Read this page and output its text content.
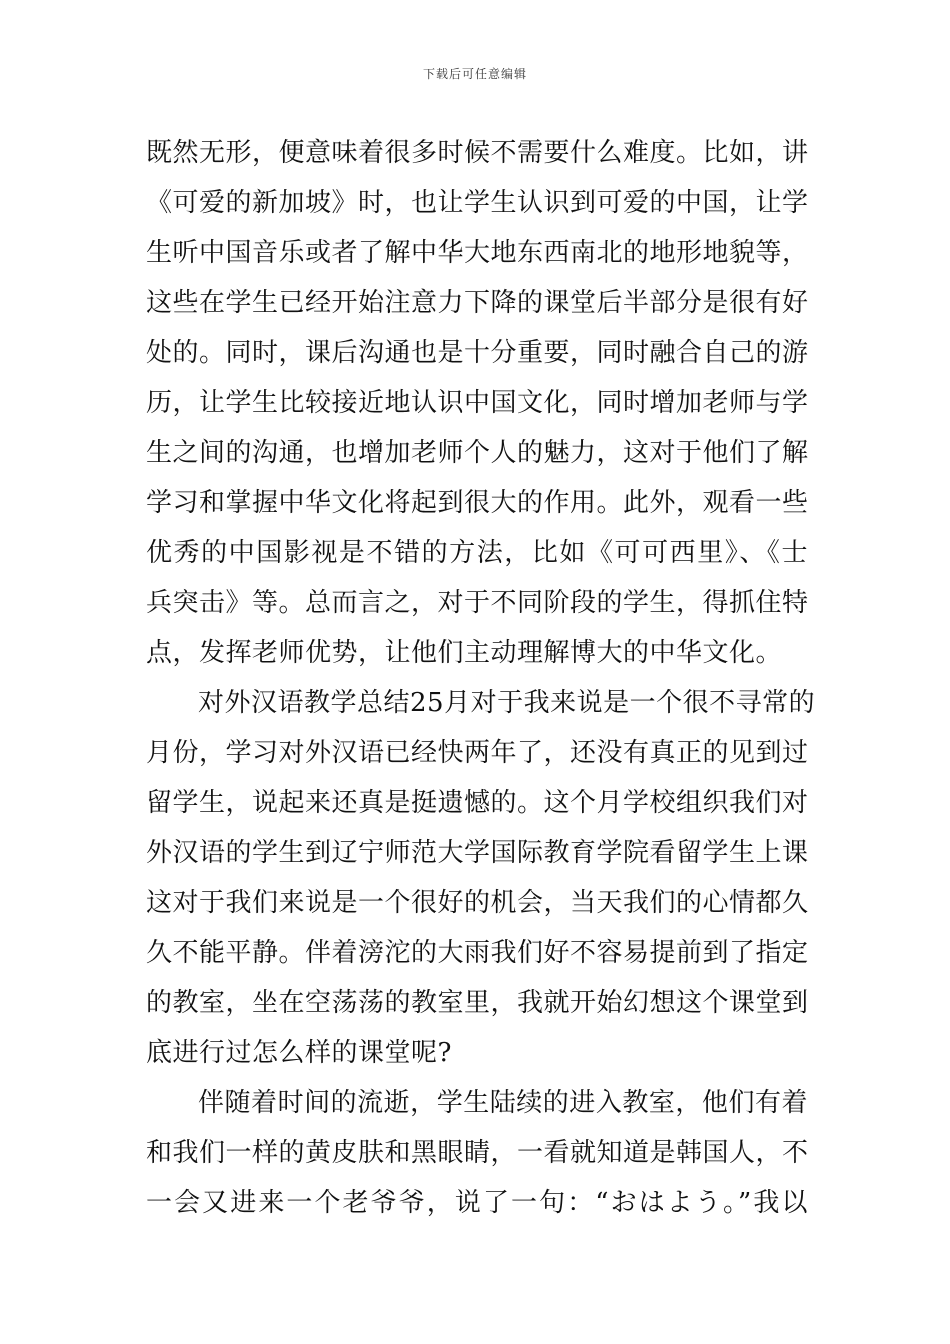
下载后可任意编辑
既然无形，便意味着很多时候不需要什么难度。比如，讲
《可爱的新加坡》时，也让学生认识到可爱的中国，让学
生听中国音乐或者了解中华大地东西南北的地形地貌等，
这些在学生已经开始注意力下降的课堂后半部分是很有好
处的。同时，课后沟通也是十分重要，同时融合自己的游
历，让学生比较接近地认识中国文化，同时增加老师与学
生之间的沟通，也增加老师个人的魅力，这对于他们了解
学习和掌握中华文化将起到很大的作用。此外，观看一些
优秀的中国影视是不错的方法，比如《可可西里》、《士
兵突击》等。总而言之，对于不同阶段的学生，得抓住特
点，发挥老师优势，让他们主动理解博大的中华文化。
对外汉语教学总结25月对于我来说是一个很不寻常的
月份，学习对外汉语已经快两年了，还没有真正的见到过
留学生，说起来还真是挺遗憾的。这个月学校组织我们对
外汉语的学生到辽宁师范大学国际教育学院看留学生上课
这对于我们来说是一个很好的机会，当天我们的心情都久
久不能平静。伴着滂沱的大雨我们好不容易提前到了指定
的教室，坐在空荡荡的教室里，我就开始幻想这个课堂到
底进行过怎么样的课堂呢?
伴随着时间的流逝，学生陆续的进入教室，他们有着
和我们一样的黄皮肤和黑眼睛，一看就知道是韩国人，不
一会又进来一个老爷爷，说了一句：“おはよう。”我以
